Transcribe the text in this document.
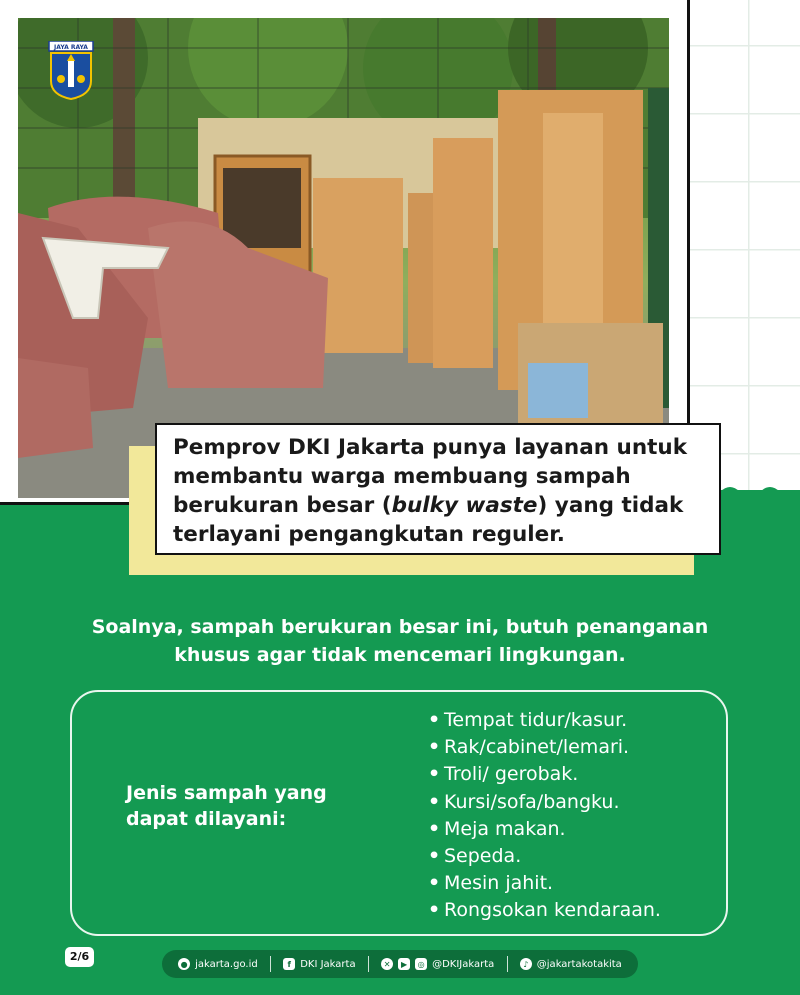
JAYA RAYA

Pemprov DKI Jakarta punya layanan untuk membantu warga membuang sampah berukuran besar (bulky waste) yang tidak terlayani pengangkutan reguler.

Soalnya, sampah berukuran besar ini, butuh penanganan khusus agar tidak mencemari lingkungan.
Jenis sampah yang dapat dilayani:
• Tempat tidur/kasur.
• Rak/cabinet/lemari.
• Troli/ gerobak.
• Kursi/sofa/bangku.
• Meja makan.
• Sepeda.
• Mesin jahit.
• Rongsokan kendaraan.
2/6
● jakarta.go.id	f DKI Jakarta	✕	▶	◎ @DKIJakarta	♪ @jakartakotakita
